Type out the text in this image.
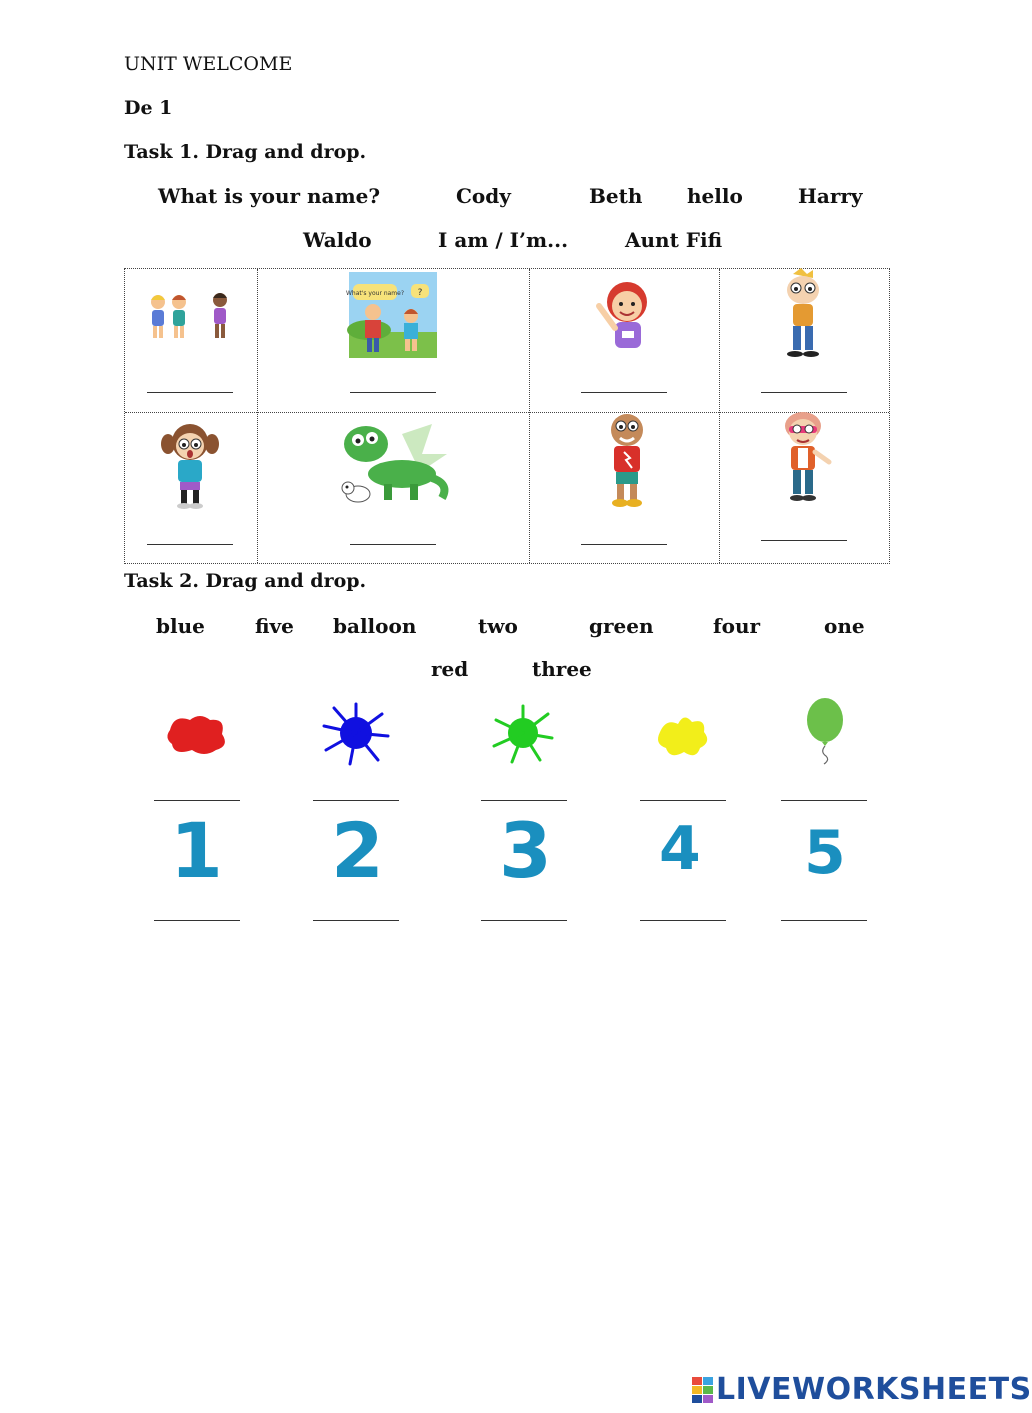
UNIT WELCOME
De 1
Task 1. Drag and drop.
What is your name?	Cody	Beth hello	Harry
Waldo	I am / I’m...	Aunt Fifi
What's your name? ?
Task 2. Drag and drop.
blue	five balloon	two	green	four	one
red	three
1 2 3 4 5
LIVEWORKSHEETS
